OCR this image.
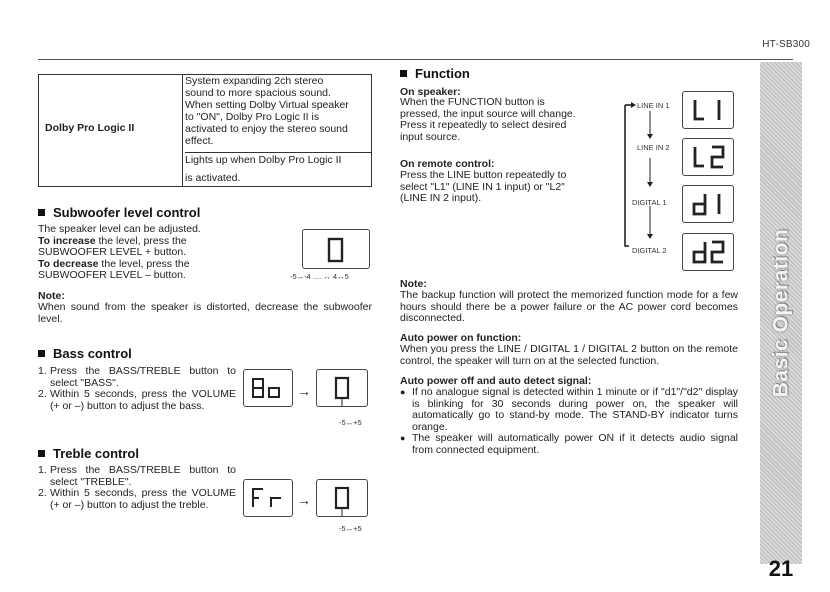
HT-SB300
Basic Operation
21
Dolby Pro Logic II
System expanding 2ch stereo
sound to more spacious sound.
When setting Dolby Virtual speaker
to "ON", Dolby Pro Logic II is
activated to enjoy the stereo sound
effect.
Lights up when Dolby Pro Logic II
is activated.
Subwoofer level control
The speaker level can be adjusted.
To increase the level, press the
SUBWOOFER LEVEL + button.
To decrease the level, press the
SUBWOOFER LEVEL – button.	-5↔-4 .... ↔ 4↔5
Note:
When sound from the speaker is distorted, decrease the subwoofer level.
Bass control
1. Press the BASS/TREBLE button to select "BASS".
2. Within 5 seconds, press the VOLUME (+ or –) button to adjust the bass.
→
-5↔+5
Treble control
1. Press the BASS/TREBLE button to select "TREBLE".
2. Within 5 seconds, press the VOLUME (+ or –) button to adjust the treble.	→
-5↔+5
Function
On speaker:
When the FUNCTION button is
pressed, the input source will change.
Press it repeatedly to select desired
input source.
On remote control:
Press the LINE button repeatedly to
select "L1" (LINE IN 1 input) or "L2"
(LINE IN 2 input).
LINE IN 1
LINE IN 2
DIGITAL 1
DIGITAL 2
Note:
The backup function will protect the memorized function mode for a few hours should there be a power failure or the AC power cord becomes disconnected.
Auto power on function:
When you press the LINE / DIGITAL 1 / DIGITAL 2 button on the remote control, the speaker will turn on at the selected function.
Auto power off and auto detect signal:
● If no analogue signal is detected within 1 minute or if "d1"/"d2" display is blinking for 30 seconds during power on, the speaker will automatically go to stand-by mode. The STAND-BY indicator turns orange.
● The speaker will automatically power ON if it detects audio signal from connected equipment.
